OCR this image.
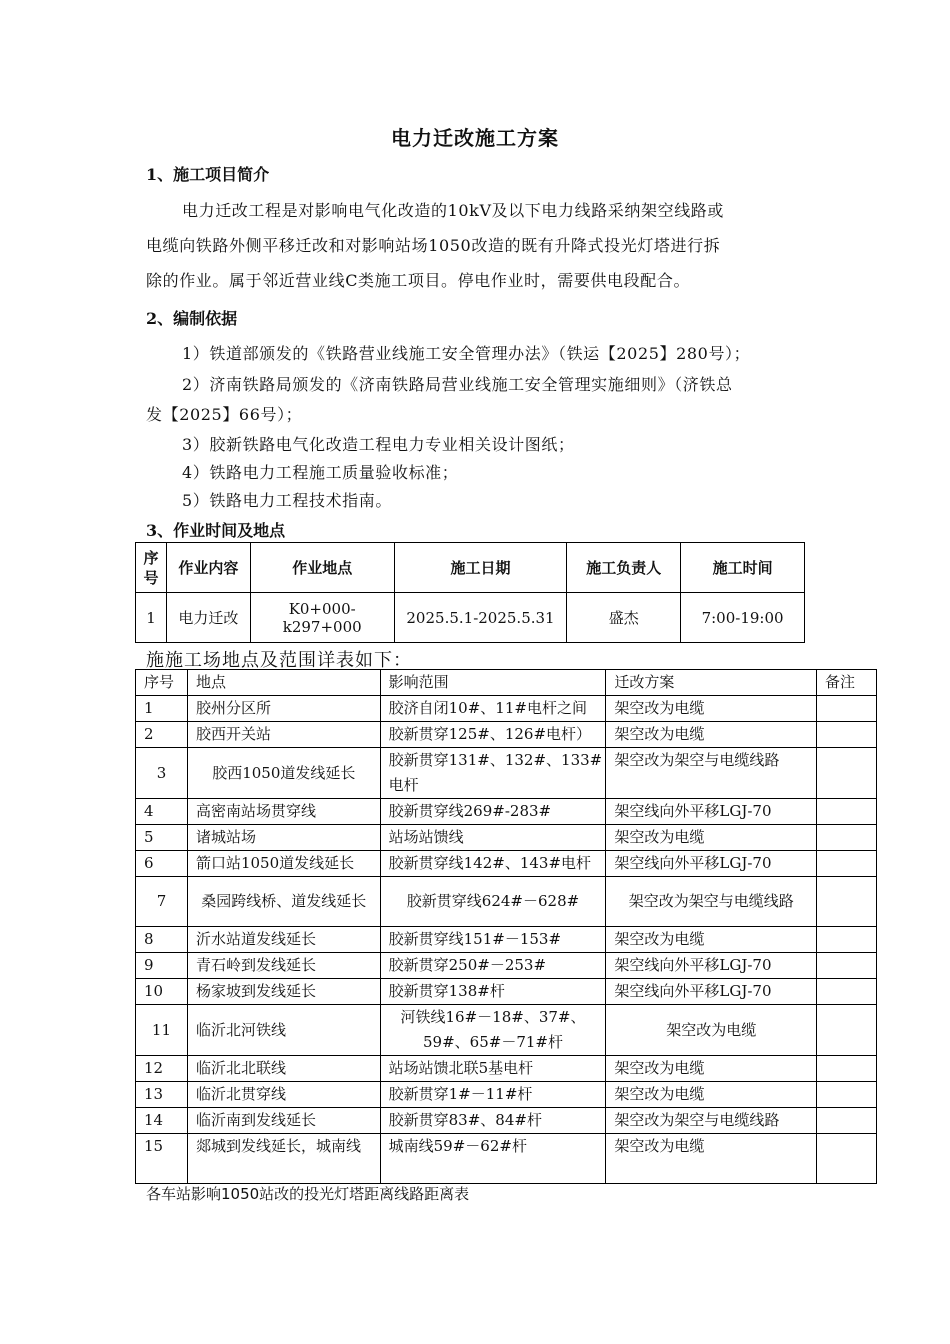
电力迁改施工方案
1、施工项目简介
电力迁改工程是对影响电气化改造的10kV及以下电力线路采纳架空线路或
电缆向铁路外侧平移迁改和对影响站场1050改造的既有升降式投光灯塔进行拆
除的作业。属于邻近营业线C类施工项目。停电作业时，需要供电段配合。
2、编制依据
1）铁道部颁发的《铁路营业线施工安全管理办法》（铁运【2025】280号）；
2）济南铁路局颁发的《济南铁路局营业线施工安全管理实施细则》（济铁总
发【2025】66号）；
3）胶新铁路电气化改造工程电力专业相关设计图纸；
4）铁路电力工程施工质量验收标准；
5）铁路电力工程技术指南。
3、作业时间及地点
序号	作业内容	作业地点	施工日期	施工负责人	施工时间
1	电力迁改	K0+000-k297+000	2025.5.1-2025.5.31	盛杰	7:00-19:00
施施工场地点及范围详表如下：
序号	地点	影响范围	迁改方案	备注
1	胶州分区所	胶济自闭10#、11#电杆之间	架空改为电缆	
2	胶西开关站	胶新贯穿125#、126#电杆）	架空改为电缆	
3	胶西1050道发线延长	胶新贯穿131#、132#、133#电杆	架空改为架空与电缆线路	
4	高密南站场贯穿线	胶新贯穿线269#-283#	架空线向外平移LGJ-70	
5	诸城站场	站场站馈线	架空改为电缆	
6	箭口站1050道发线延长	胶新贯穿线142#、143#电杆	架空线向外平移LGJ-70	
7	桑园跨线桥、道发线延长	胶新贯穿线624#－628#	架空改为架空与电缆线路	
8	沂水站道发线延长	胶新贯穿线151#－153#	架空改为电缆	
9	青石岭到发线延长	胶新贯穿250#－253#	架空线向外平移LGJ-70	
10	杨家坡到发线延长	胶新贯穿138#杆	架空线向外平移LGJ-70	
11	临沂北河铁线	河铁线16#－18#、37#、59#、65#－71#杆	架空改为电缆	
12	临沂北北联线	站场站馈北联5基电杆	架空改为电缆	
13	临沂北贯穿线	胶新贯穿1#－11#杆	架空改为电缆	
14	临沂南到发线延长	胶新贯穿83#、84#杆	架空改为架空与电缆线路	
15	郯城到发线延长，城南线	城南线59#－62#杆	架空改为电缆	
各车站影响1050站改的投光灯塔距离线路距离表
